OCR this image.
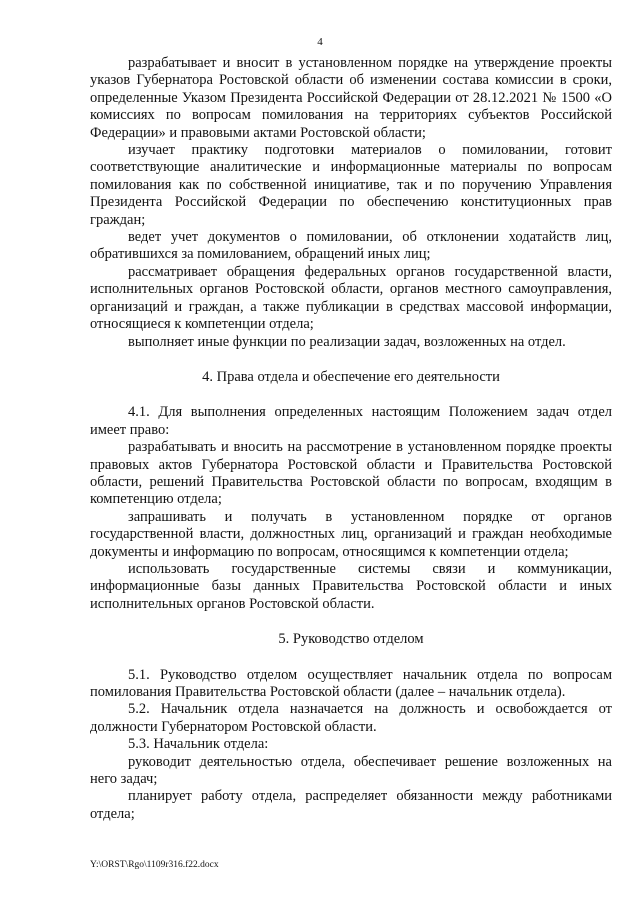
4

разрабатывает и вносит в установленном порядке на утверждение проекты указов Губернатора Ростовской области об изменении состава комиссии в сроки, определенные Указом Президента Российской Федерации от 28.12.2021 № 1500 «О комиссиях по вопросам помилования на территориях субъектов Российской Федерации» и правовыми актами Ростовской области;

изучает практику подготовки материалов о помиловании, готовит соответствующие аналитические и информационные материалы по вопросам помилования как по собственной инициативе, так и по поручению Управления Президента Российской Федерации по обеспечению конституционных прав граждан;

ведет учет документов о помиловании, об отклонении ходатайств лиц, обратившихся за помилованием, обращений иных лиц;

рассматривает обращения федеральных органов государственной власти, исполнительных органов Ростовской области, органов местного самоуправления, организаций и граждан, а также публикации в средствах массовой информации, относящиеся к компетенции отдела;

выполняет иные функции по реализации задач, возложенных на отдел.

4. Права отдела и обеспечение его деятельности

4.1. Для выполнения определенных настоящим Положением задач отдел имеет право:

разрабатывать и вносить на рассмотрение в установленном порядке проекты правовых актов Губернатора Ростовской области и Правительства Ростовской области, решений Правительства Ростовской области по вопросам, входящим в компетенцию отдела;

запрашивать и получать в установленном порядке от органов государственной власти, должностных лиц, организаций и граждан необходимые документы и информацию по вопросам, относящимся к компетенции отдела;

использовать государственные системы связи и коммуникации, информационные базы данных Правительства Ростовской области и иных исполнительных органов Ростовской области.

5. Руководство отделом

5.1. Руководство отделом осуществляет начальник отдела по вопросам помилования Правительства Ростовской области (далее – начальник отдела).

5.2. Начальник отдела назначается на должность и освобождается от должности Губернатором Ростовской области.

5.3. Начальник отдела:

руководит деятельностью отдела, обеспечивает решение возложенных на него задач;

планирует работу отдела, распределяет обязанности между работниками отдела;

Y:\ORST\Rgo\1109r316.f22.docx
